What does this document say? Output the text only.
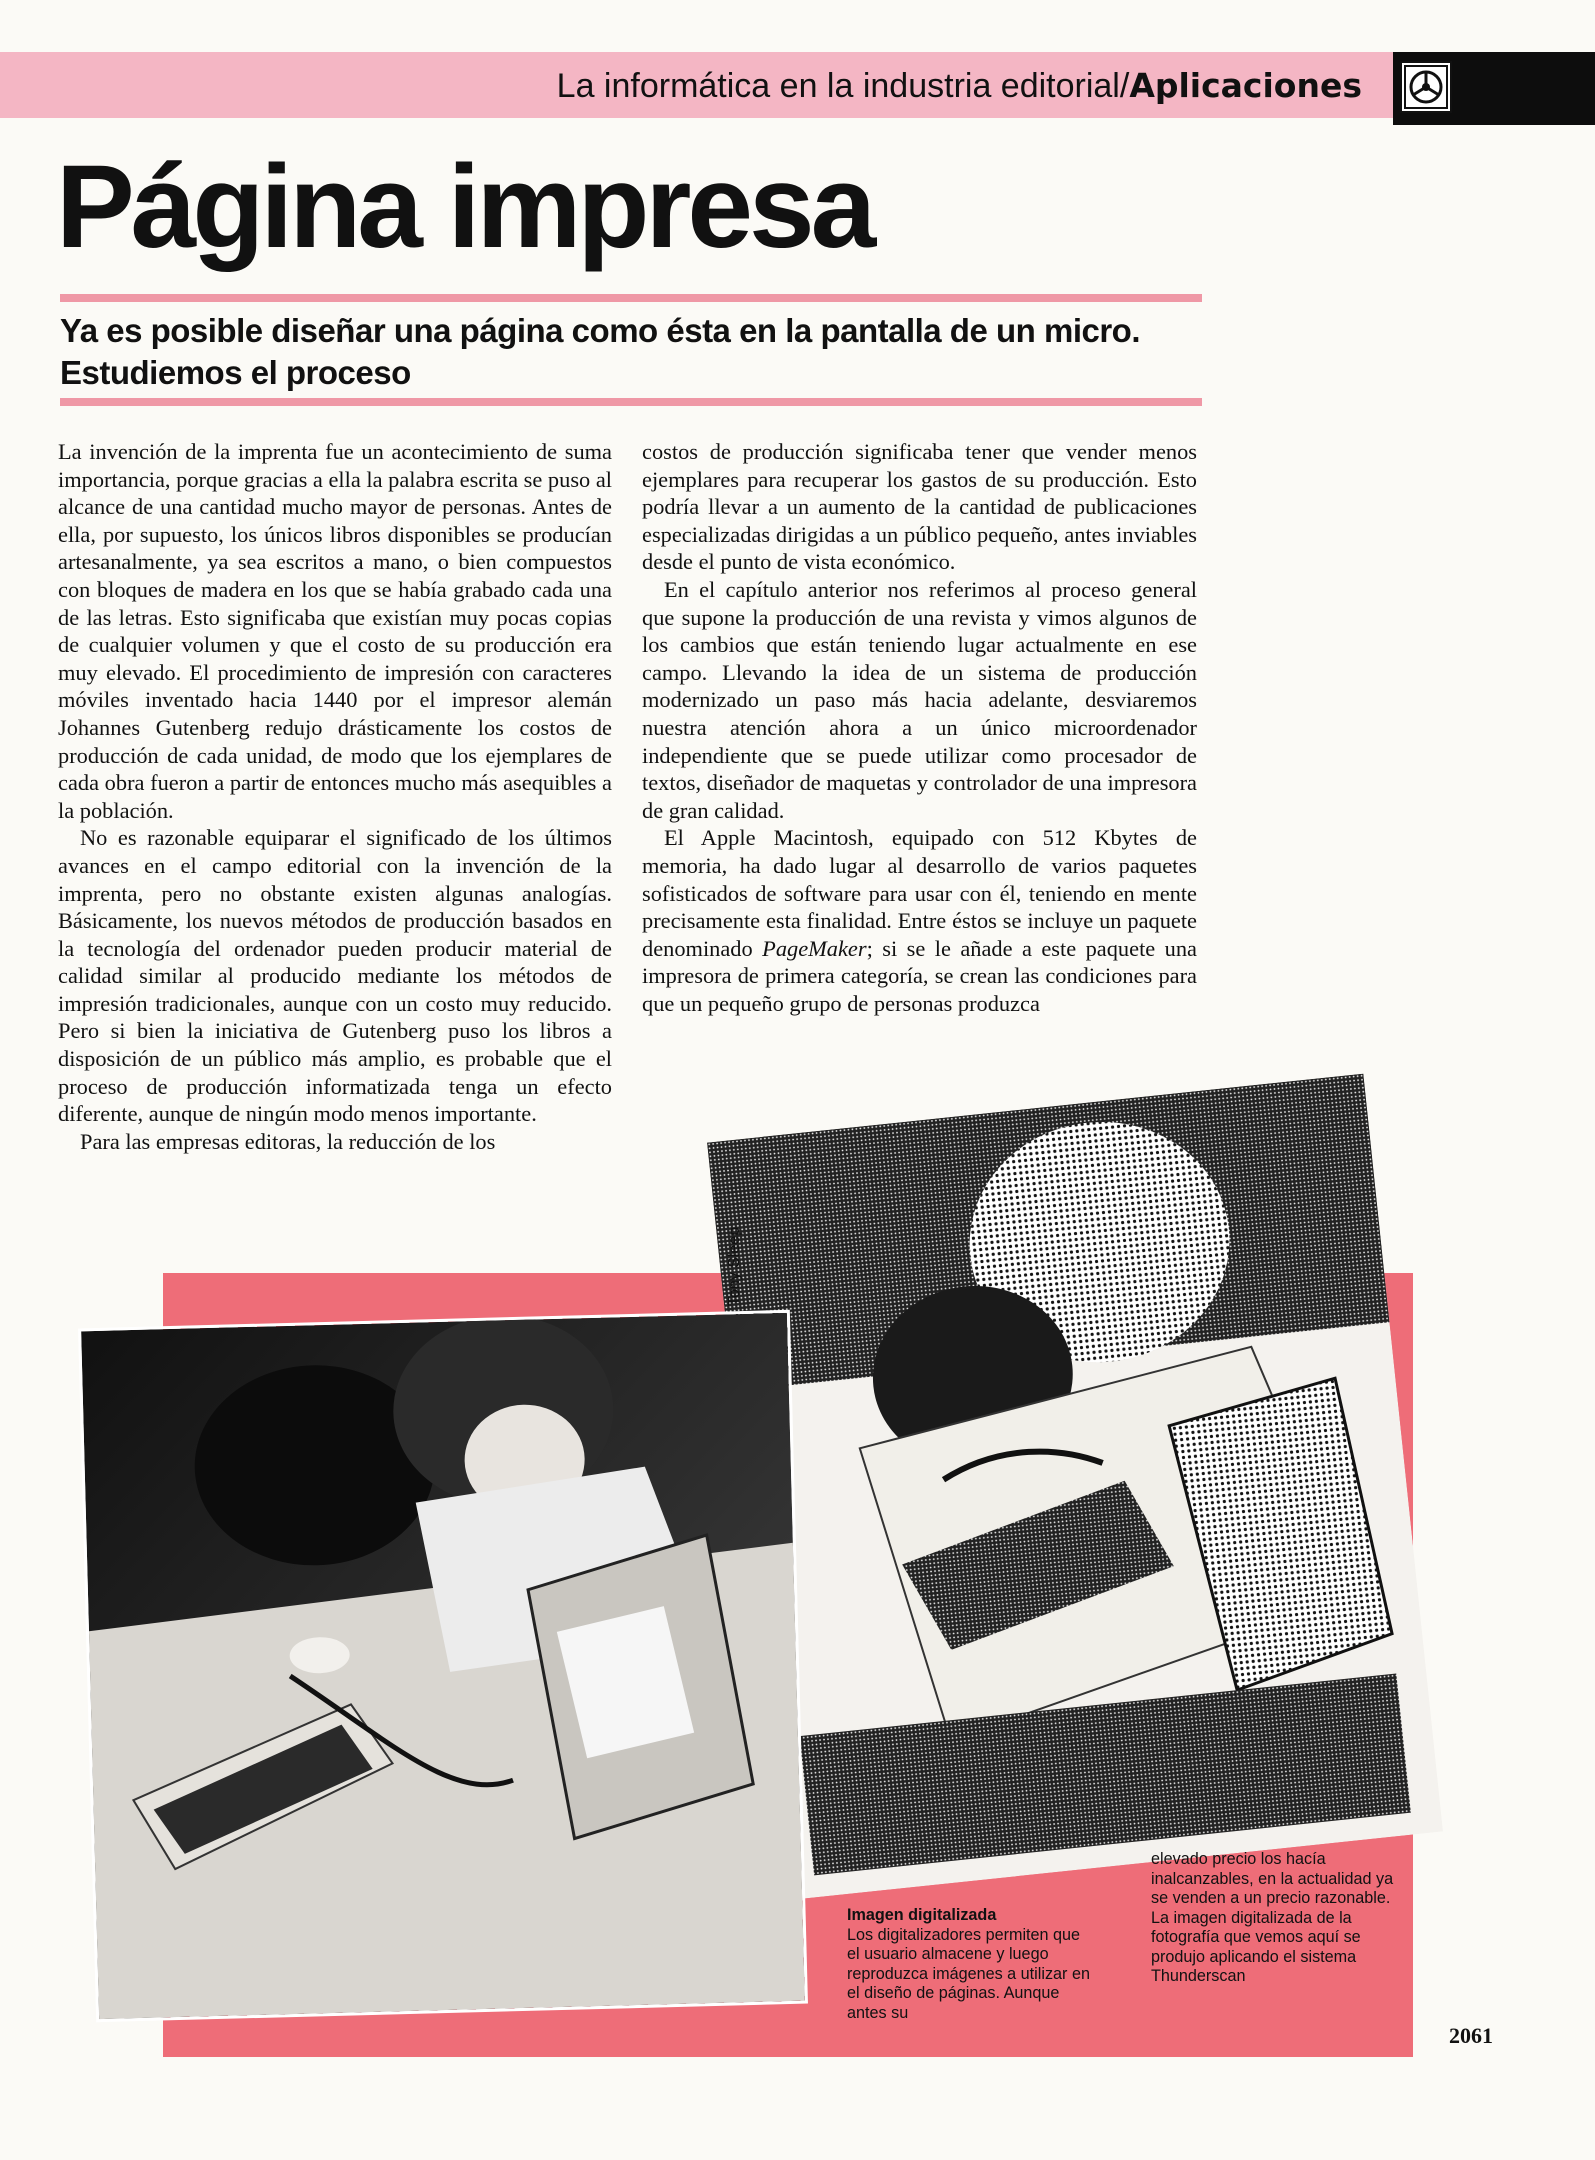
La informática en la industria editorial/Aplicaciones
Página impresa
Ya es posible diseñar una página como ésta en la pantalla de un micro. Estudiemos el proceso

La invención de la imprenta fue un acontecimiento de suma importancia, porque gracias a ella la palabra escrita se puso al alcance de una cantidad mucho mayor de personas. Antes de ella, por supuesto, los únicos libros disponibles se producían artesanalmente, ya sea escritos a mano, o bien compuestos con bloques de madera en los que se había grabado cada una de las letras. Esto significaba que existían muy pocas copias de cualquier volumen y que el costo de su producción era muy elevado. El procedimiento de impresión con caracteres móviles inventado hacia 1440 por el impresor alemán Johannes Gutenberg redujo drásticamente los costos de producción de cada unidad, de modo que los ejemplares de cada obra fueron a partir de entonces mucho más asequibles a la población.

No es razonable equiparar el significado de los últimos avances en el campo editorial con la invención de la imprenta, pero no obstante existen algunas analogías. Básicamente, los nuevos métodos de producción basados en la tecnología del ordenador pueden producir material de calidad similar al producido mediante los métodos de impresión tradicionales, aunque con un costo muy reducido. Pero si bien la iniciativa de Gutenberg puso los libros a disposición de un público más amplio, es probable que el proceso de producción informatizada tenga un efecto diferente, aunque de ningún modo menos importante.

Para las empresas editoras, la reducción de los

costos de producción significaba tener que vender menos ejemplares para recuperar los gastos de su producción. Esto podría llevar a un aumento de la cantidad de publicaciones especializadas dirigidas a un público pequeño, antes inviables desde el punto de vista económico.

En el capítulo anterior nos referimos al proceso general que supone la producción de una revista y vimos algunos de los cambios que están teniendo lugar actualmente en ese campo. Llevando la idea de un sistema de producción modernizado un paso más hacia adelante, desviaremos nuestra atención ahora a un único microordenador independiente que se puede utilizar como procesador de textos, diseñador de maquetas y controlador de una impresora de gran calidad.

El Apple Macintosh, equipado con 512 Kbytes de memoria, ha dado lugar al desarrollo de varios paquetes sofisticados de software para usar con él, teniendo en mente precisamente esta finalidad. Entre éstos se incluye un paquete denominado PageMaker; si se le añade a este paquete una impresora de primera categoría, se crean las condiciones para que un pequeño grupo de personas produzca

Tony Sleep
Imagen digitalizada
Los digitalizadores permiten que el usuario almacene y luego reproduzca imágenes a utilizar en el diseño de páginas. Aunque antes su
elevado precio los hacía inalcanzables, en la actualidad ya se venden a un precio razonable. La imagen digitalizada de la fotografía que vemos aquí se produjo aplicando el sistema Thunderscan
2061
